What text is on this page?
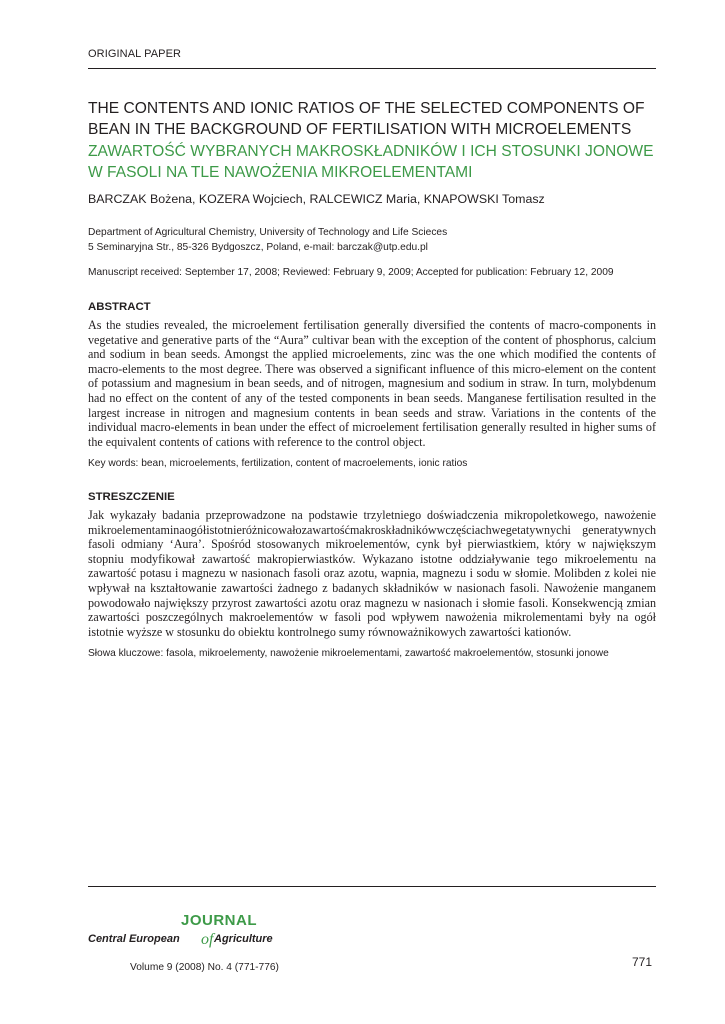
ORIGINAL PAPER
THE CONTENTS AND IONIC RATIOS OF THE SELECTED COMPONENTS OF BEAN IN THE BACKGROUND OF FERTILISATION WITH MICROELEMENTS
ZAWARTOŚĆ WYBRANYCH MAKROSKŁADNIKÓW I ICH STOSUNKI JONOWE W FASOLI NA TLE NAWOŻENIA MIKROELEMENTAMI
BARCZAK Bożena, KOZERA Wojciech, RALCEWICZ Maria, KNAPOWSKI Tomasz
Department of Agricultural Chemistry, University of Technology and Life Scieces
5 Seminaryjna Str., 85-326 Bydgoszcz, Poland, e-mail: barczak@utp.edu.pl
Manuscript received: September 17, 2008; Reviewed: February 9, 2009; Accepted for publication: February 12, 2009
ABSTRACT
As the studies revealed, the microelement fertilisation generally diversified the contents of macro-components in vegetative and generative parts of the “Aura” cultivar bean with the exception of the content of phosphorus, calcium and sodium in bean seeds. Amongst the applied microelements, zinc was the one which modified the contents of macro-elements to the most degree. There was observed a significant influence of this micro-element on the content of potassium and magnesium in bean seeds, and of nitrogen, magnesium and sodium in straw. In turn, molybdenum had no effect on the content of any of the tested components in bean seeds. Manganese fertilisation resulted in the largest increase in nitrogen and magnesium contents in bean seeds and straw. Variations in the contents of the individual macro-elements in bean under the effect of microelement fertilisation generally resulted in higher sums of the equivalent contents of cations with reference to the control object.
Key words: bean, microelements, fertilization, content of macroelements, ionic ratios
STRESZCZENIE
Jak wykazały badania przeprowadzone na podstawie trzyletniego doświadczenia mikropoletkowego, nawożenie mikroelementaminaogółistotnieróżnicowałozawartośćmakroskładnikówwczęściachwegetatywnychi generatywnych fasoli odmiany ‘Aura’. Spośród stosowanych mikroelementów, cynk był pierwiastkiem, który w największym stopniu modyfikował zawartość makropierwiastków. Wykazano istotne oddziaływanie tego mikroelementu na zawartość potasu i magnezu w nasionach fasoli oraz azotu, wapnia, magnezu i sodu w słomie. Molibden z kolei nie wpływał na kształtowanie zawartości żadnego z badanych składników w nasionach fasoli. Nawożenie manganem powodowało największy przyrost zawartości azotu oraz magnezu w nasionach i słomie fasoli. Konsekwencją zmian zawartości poszczególnych makroelementów w fasoli pod wpływem nawożenia mikrolementami były na ogół istotnie wyższe w stosunku do obiektu kontrolnego sumy równoważnikowych zawartości kationów.
Słowa kluczowe: fasola, mikroelementy, nawożenie mikroelementami, zawartość makroelementów, stosunki jonowe
JOURNAL
of
Central European	Agriculture
Volume 9 (2008) No. 4 (771-776)	771
